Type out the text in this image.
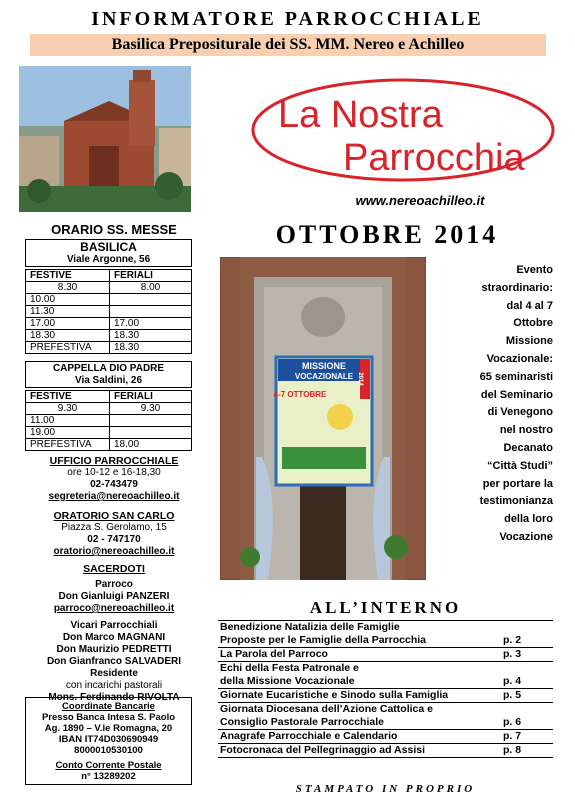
INFORMATORE PARROCCHIALE
Basilica Prepositurale dei SS. MM. Nereo e Achilleo
La Nostra
Parrocchia
www.nereoachilleo.it
OTTOBRE 2014
ORARIO SS. MESSE
BASILICA
Viale Argonne, 56
FESTIVE	FERIALI
8.30	8.00
10.00	
11.30	
17.00	17.00
18.30	18.30
PREFESTIVA	18.30
CAPPELLA DIO PADRE
Via Saldini, 26
FESTIVE	FERIALI
9.30	9.30
11.00	
19.00	
PREFESTIVA	18.00
UFFICIO PARROCCHIALE
ore 10-12 e 16-18,30
02-743479
segreteria@nereoachilleo.it
ORATORIO SAN CARLO
Piazza S. Gerolamo, 15
02 - 747170
oratorio@nereoachilleo.it
SACERDOTI
Parroco
Don Gianluigi PANZERI
parroco@nereoachilleo.it
Vicari Parrocchiali
Don Marco MAGNANI
Don Maurizio PEDRETTI
Don Gianfranco SALVADERI
Residente
con incarichi pastorali
Mons. Ferdinando RIVOLTA
Coordinate Bancarie
Presso Banca Intesa S. Paolo
Ag. 1890 – V.le Romagna, 20
IBAN IT74D030690949
8000010530100
Conto Corrente Postale
n° 13289202
MISSIONE
VOCAZIONALE 2014
4-7 OTTOBRE
Evento
straordinario:
dal 4 al 7
Ottobre
Missione
Vocazionale:
65 seminaristi
del Seminario
di Venegono
nel nostro
Decanato
“Città Studi”
per portare la
testimonianza
della loro
Vocazione
ALL’INTERNO
Benedizione Natalizia delle Famiglie
Proposte per le Famiglie della Parrocchia	p. 2
La Parola del Parroco	p. 3
Echi della Festa Patronale e
della Missione Vocazionale	p. 4
Giornate Eucaristiche e Sinodo sulla Famiglia	p. 5
Giornata Diocesana dell’Azione Cattolica e
Consiglio Pastorale Parrocchiale	p. 6
Anagrafe Parrocchiale e Calendario	p. 7
Fotocronaca del Pellegrinaggio ad Assisi	p. 8
STAMPATO IN PROPRIO
